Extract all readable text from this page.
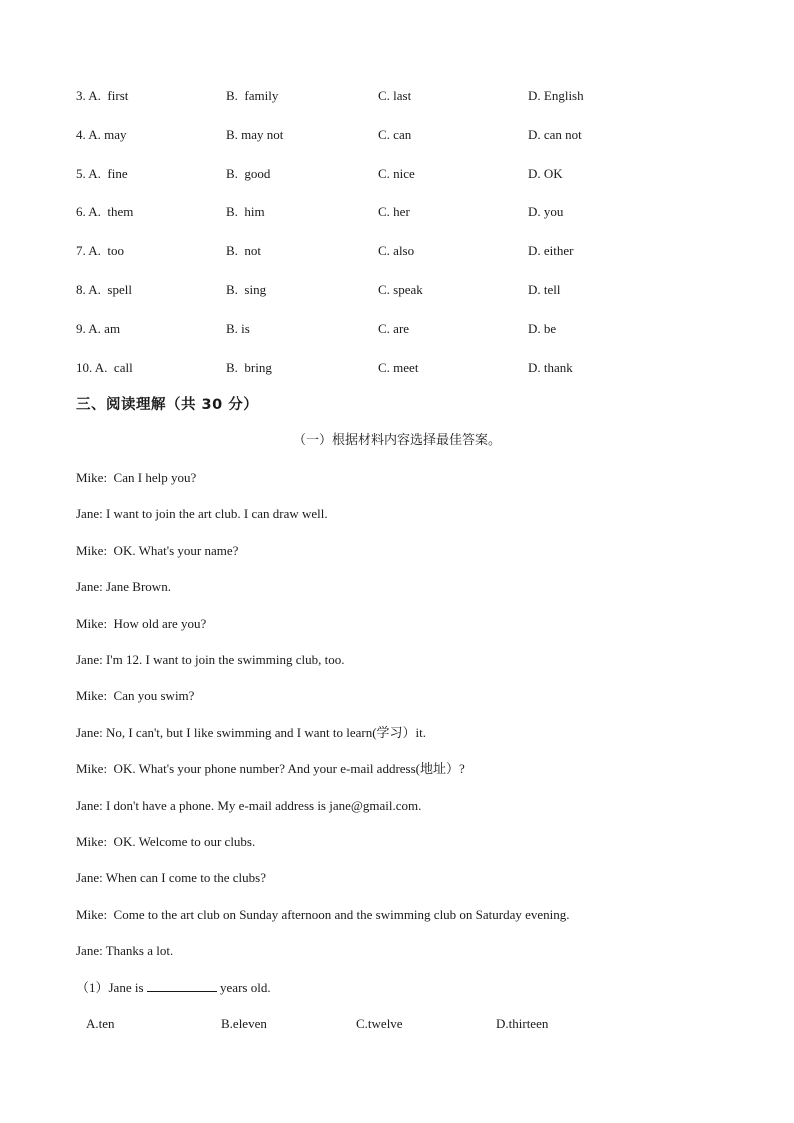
3. A.  first	B.  family	C. last	D. English
4. A. may	B. may not	C. can	D. can not
5. A.  fine	B.  good	C. nice	D. OK
6. A.  them	B.  him	C. her	D. you
7. A.  too	B.  not	C. also	D. either
8. A.  spell	B.  sing	C. speak	D. tell
9. A. am	B. is	C. are	D. be
10. A.  call	B.  bring	C. meet	D. thank
三、阅读理解（共 30 分）
（一）根据材料内容选择最佳答案。
Mike:  Can I help you?
Jane: I want to join the art club. I can draw well.
Mike:  OK. What's your name?
Jane: Jane Brown.
Mike:  How old are you?
Jane: I'm 12. I want to join the swimming club, too.
Mike:  Can you swim?
Jane: No, I can't, but I like swimming and I want to learn(学习）it.
Mike:  OK. What's your phone number? And your e-mail address(地址）?
Jane: I don't have a phone. My e-mail address is jane@gmail.com.
Mike:  OK. Welcome to our clubs.
Jane: When can I come to the clubs?
Mike:  Come to the art club on Sunday afternoon and the swimming club on Saturday evening.
Jane: Thanks a lot.
（1）Jane is	years old.
A.ten	B.eleven	C.twelve	D.thirteen
